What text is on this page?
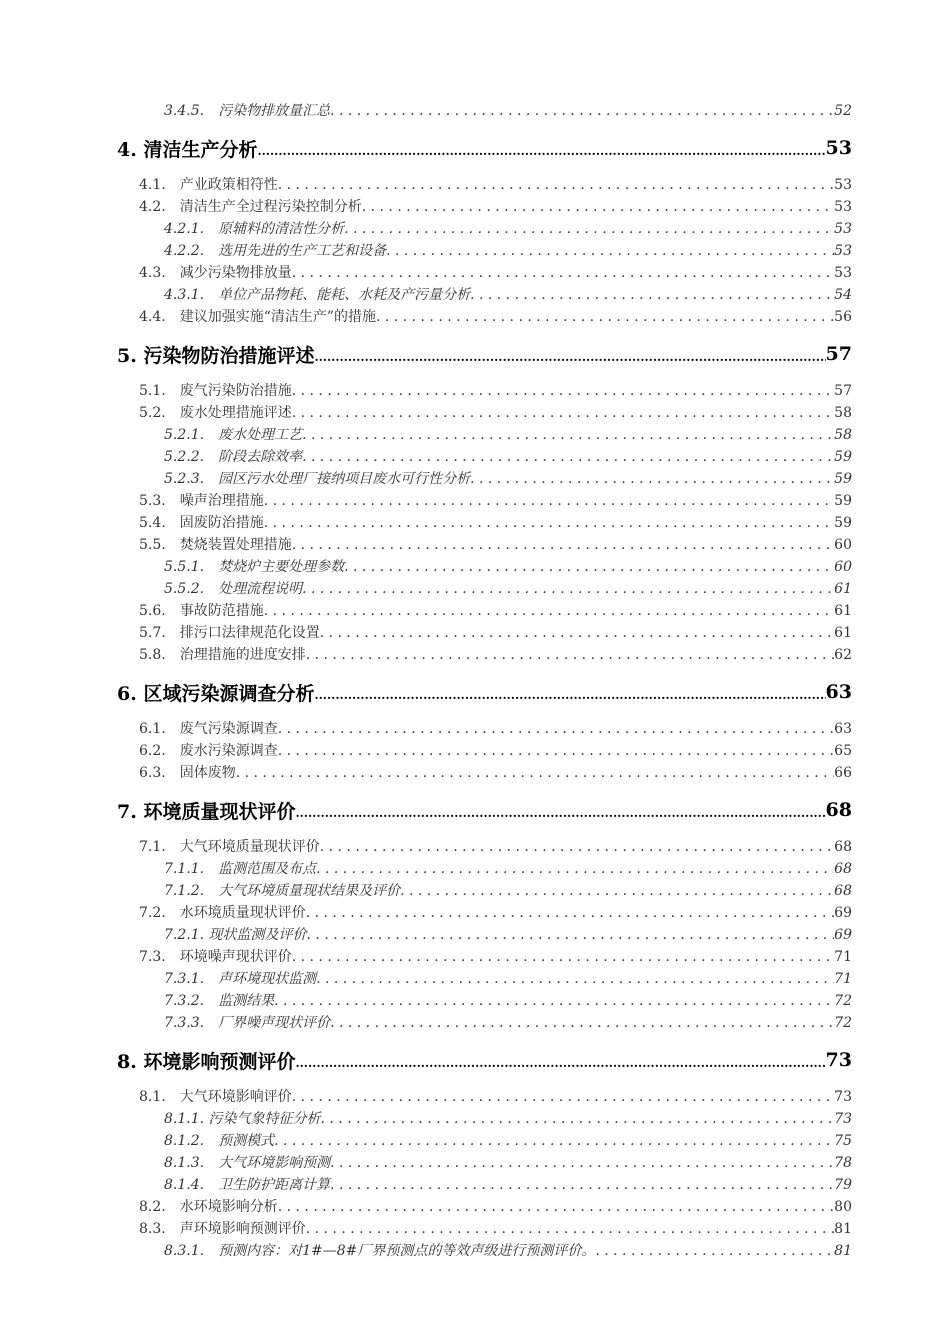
3.4.5.　污染物排放量汇总 . . .	52
4. 清洁生产分析 .....	53
4.1.　产业政策相符性 . . .	53
4.2.　清洁生产全过程污染控制分析 . . .	53
4.2.1.　原辅料的清洁性分析 . . .	53
4.2.2.　选用先进的生产工艺和设备 . . .	53
4.3.　减少污染物排放量 . . .	53
4.3.1.　单位产品物耗、能耗、水耗及产污量分析 . . .	54
4.4.　建议加强实施“清洁生产”的措施 . . .	56
5. 污染物防治措施评述 .....	57
5.1.　废气污染防治措施 . . .	57
5.2.　废水处理措施评述 . . .	58
5.2.1.　废水处理工艺 . . .	58
5.2.2.　阶段去除效率 . . .	59
5.2.3.　园区污水处理厂接纳项目废水可行性分析 . . .	59
5.3.　噪声治理措施 . . .	59
5.4.　固废防治措施 . . .	59
5.5.　焚烧装置处理措施 . . .	60
5.5.1.　焚烧炉主要处理参数 . . .	60
5.5.2.　处理流程说明 . . .	61
5.6.　事故防范措施 . . .	61
5.7.　排污口法律规范化设置 . . .	61
5.8.　治理措施的进度安排 . . .	62
6. 区域污染源调查分析 .....	63
6.1.　废气污染源调查 . . .	63
6.2.　废水污染源调查 . . .	65
6.3.　固体废物 . . .	66
7. 环境质量现状评价 .....	68
7.1.　大气环境质量现状评价 . . .	68
7.1.1.　监测范围及布点 . . .	68
7.1.2.　大气环境质量现状结果及评价 . . .	68
7.2.　水环境质量现状评价 . . .	69
7.2.1. 现状监测及评价 . . .	69
7.3.　环境噪声现状评价 . . .	71
7.3.1.　声环境现状监测 . . .	71
7.3.2.　监测结果 . . .	72
7.3.3.　厂界噪声现状评价 . . .	72
8. 环境影响预测评价 .....	73
8.1.　大气环境影响评价 . . .	73
8.1.1. 污染气象特征分析 . . .	73
8.1.2.　预测模式 . . .	75
8.1.3.　大气环境影响预测 . . .	78
8.1.4.　卫生防护距离计算 . . .	79
8.2.　水环境影响分析 . . .	80
8.3.　声环境影响预测评价 . . .	81
8.3.1.　预测内容：对1#—8#厂界预测点的等效声级进行预测评价。 . . .	81
